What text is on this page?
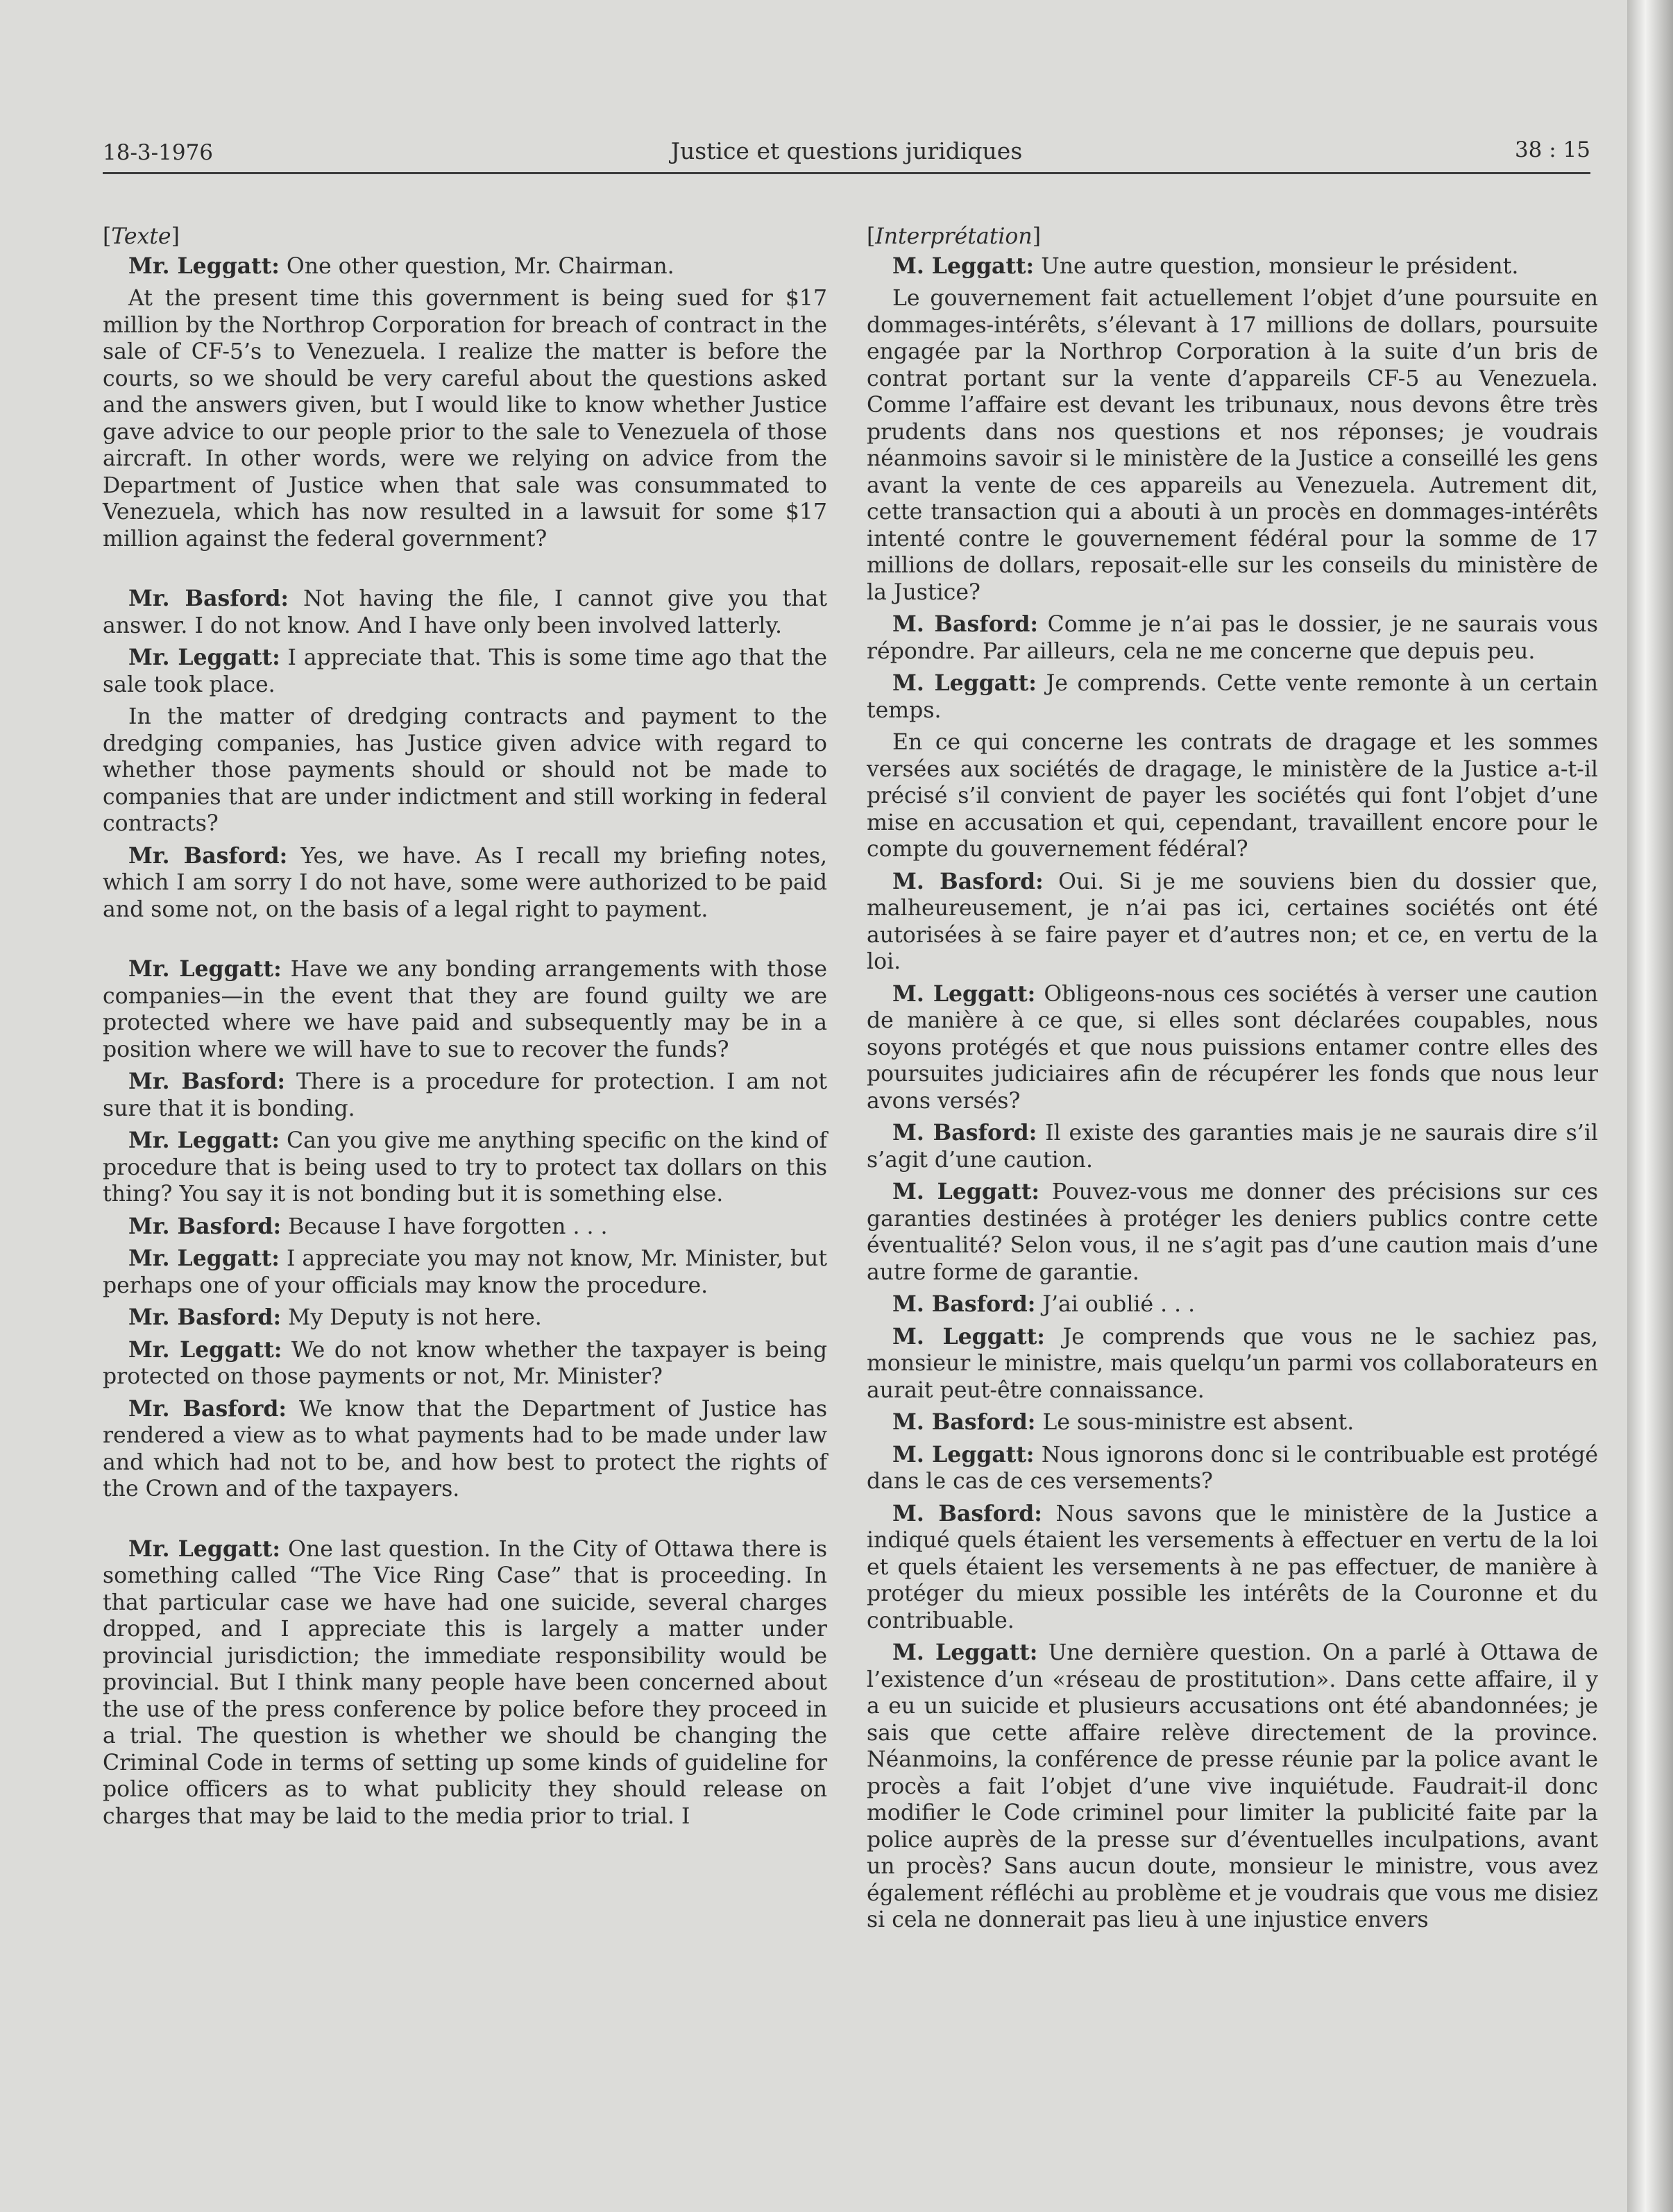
18-3-1976	Justice et questions juridiques	38 : 15

[Texte]

Mr. Leggatt: One other question, Mr. Chairman.

At the present time this government is being sued for $17 million by the Northrop Corporation for breach of contract in the sale of CF-5’s to Venezuela. I realize the matter is before the courts, so we should be very careful about the questions asked and the answers given, but I would like to know whether Justice gave advice to our people prior to the sale to Venezuela of those aircraft. In other words, were we relying on advice from the Department of Justice when that sale was consummated to Venezuela, which has now resulted in a lawsuit for some $17 million against the federal government?

Mr. Basford: Not having the file, I cannot give you that answer. I do not know. And I have only been involved latterly.

Mr. Leggatt: I appreciate that. This is some time ago that the sale took place.

In the matter of dredging contracts and payment to the dredging companies, has Justice given advice with regard to whether those payments should or should not be made to companies that are under indictment and still working in federal contracts?

Mr. Basford: Yes, we have. As I recall my briefing notes, which I am sorry I do not have, some were authorized to be paid and some not, on the basis of a legal right to payment.

Mr. Leggatt: Have we any bonding arrangements with those companies—in the event that they are found guilty we are protected where we have paid and subsequently may be in a position where we will have to sue to recover the funds?

Mr. Basford: There is a procedure for protection. I am not sure that it is bonding.

Mr. Leggatt: Can you give me anything specific on the kind of procedure that is being used to try to protect tax dollars on this thing? You say it is not bonding but it is something else.

Mr. Basford: Because I have forgotten . . .

Mr. Leggatt: I appreciate you may not know, Mr. Minister, but perhaps one of your officials may know the procedure.

Mr. Basford: My Deputy is not here.

Mr. Leggatt: We do not know whether the taxpayer is being protected on those payments or not, Mr. Minister?

Mr. Basford: We know that the Department of Justice has rendered a view as to what payments had to be made under law and which had not to be, and how best to protect the rights of the Crown and of the taxpayers.

Mr. Leggatt: One last question. In the City of Ottawa there is something called “The Vice Ring Case” that is proceeding. In that particular case we have had one suicide, several charges dropped, and I appreciate this is largely a matter under provincial jurisdiction; the immediate responsibility would be provincial. But I think many people have been concerned about the use of the press conference by police before they proceed in a trial. The question is whether we should be changing the Criminal Code in terms of setting up some kinds of guideline for police officers as to what publicity they should release on charges that may be laid to the media prior to trial. I

[Interprétation]

M. Leggatt: Une autre question, monsieur le président.

Le gouvernement fait actuellement l’objet d’une poursuite en dommages-intérêts, s’élevant à 17 millions de dollars, poursuite engagée par la Northrop Corporation à la suite d’un bris de contrat portant sur la vente d’appareils CF-5 au Venezuela. Comme l’affaire est devant les tribunaux, nous devons être très prudents dans nos questions et nos réponses; je voudrais néanmoins savoir si le ministère de la Justice a conseillé les gens avant la vente de ces appareils au Venezuela. Autrement dit, cette transaction qui a abouti à un procès en dommages-intérêts intenté contre le gouvernement fédéral pour la somme de 17 millions de dollars, reposait-elle sur les conseils du ministère de la Justice?

M. Basford: Comme je n’ai pas le dossier, je ne saurais vous répondre. Par ailleurs, cela ne me concerne que depuis peu.

M. Leggatt: Je comprends. Cette vente remonte à un certain temps.

En ce qui concerne les contrats de dragage et les sommes versées aux sociétés de dragage, le ministère de la Justice a-t-il précisé s’il convient de payer les sociétés qui font l’objet d’une mise en accusation et qui, cependant, travaillent encore pour le compte du gouvernement fédéral?

M. Basford: Oui. Si je me souviens bien du dossier que, malheureusement, je n’ai pas ici, certaines sociétés ont été autorisées à se faire payer et d’autres non; et ce, en vertu de la loi.

M. Leggatt: Obligeons-nous ces sociétés à verser une caution de manière à ce que, si elles sont déclarées coupables, nous soyons protégés et que nous puissions entamer contre elles des poursuites judiciaires afin de récupérer les fonds que nous leur avons versés?

M. Basford: Il existe des garanties mais je ne saurais dire s’il s’agit d’une caution.

M. Leggatt: Pouvez-vous me donner des précisions sur ces garanties destinées à protéger les deniers publics contre cette éventualité? Selon vous, il ne s’agit pas d’une caution mais d’une autre forme de garantie.

M. Basford: J’ai oublié . . .

M. Leggatt: Je comprends que vous ne le sachiez pas, monsieur le ministre, mais quelqu’un parmi vos collaborateurs en aurait peut-être connaissance.

M. Basford: Le sous-ministre est absent.

M. Leggatt: Nous ignorons donc si le contribuable est protégé dans le cas de ces versements?

M. Basford: Nous savons que le ministère de la Justice a indiqué quels étaient les versements à effectuer en vertu de la loi et quels étaient les versements à ne pas effectuer, de manière à protéger du mieux possible les intérêts de la Couronne et du contribuable.

M. Leggatt: Une dernière question. On a parlé à Ottawa de l’existence d’un «réseau de prostitution». Dans cette affaire, il y a eu un suicide et plusieurs accusations ont été abandonnées; je sais que cette affaire relève directement de la province. Néanmoins, la conférence de presse réunie par la police avant le procès a fait l’objet d’une vive inquiétude. Faudrait-il donc modifier le Code criminel pour limiter la publicité faite par la police auprès de la presse sur d’éventuelles inculpations, avant un procès? Sans aucun doute, monsieur le ministre, vous avez également réfléchi au problème et je voudrais que vous me disiez si cela ne donnerait pas lieu à une injustice envers
